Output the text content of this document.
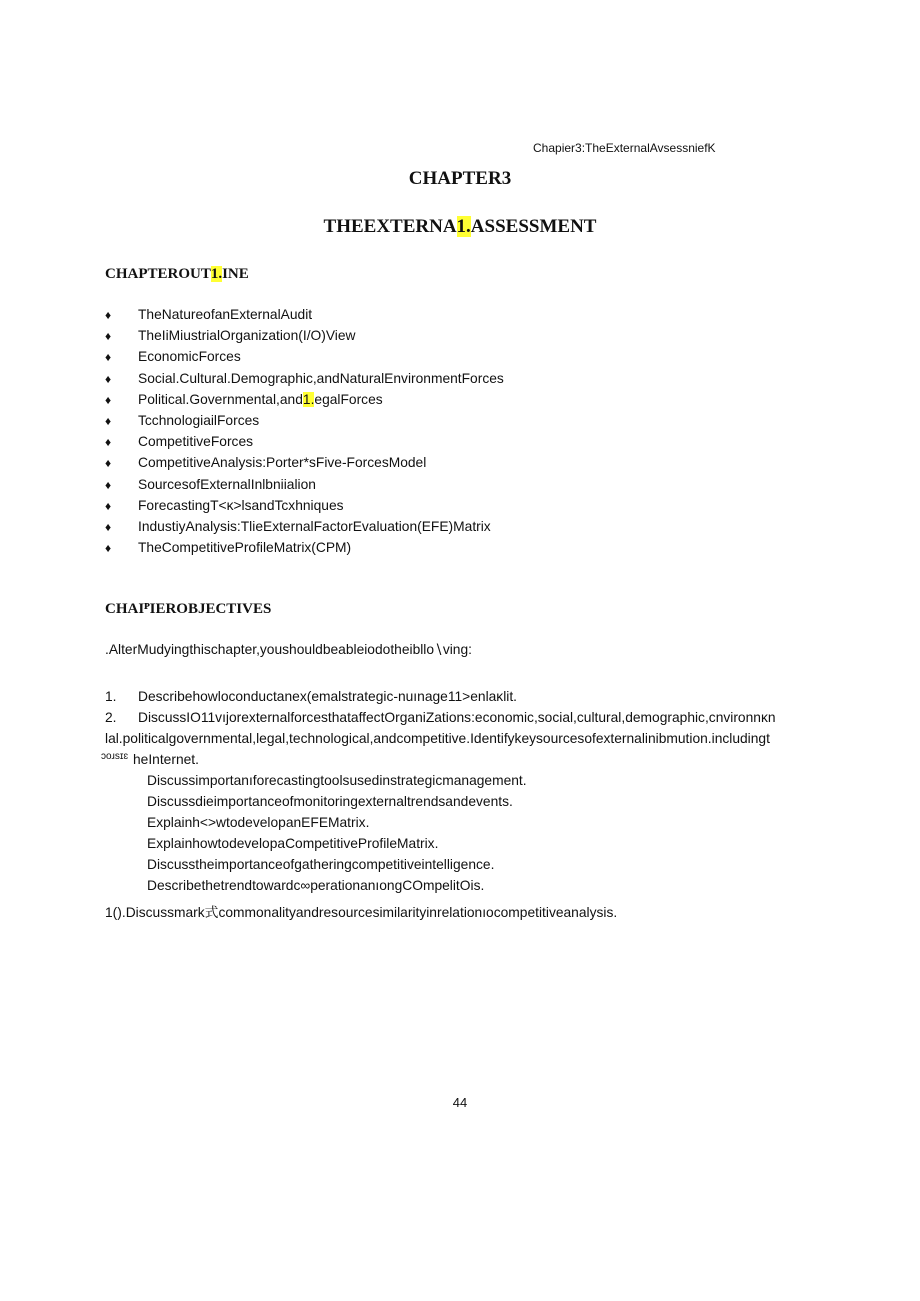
Chapier3:TheExternalAvsessniefK
CHAPTER3
THEEXTERNA1.ASSESSMENT
CHAPTEROUT1.INE
♦ TheNatureofanExternalAudit
♦ TheIiMiustrialOrganization(I/O)View
♦ EconomicForces
♦ Social.Cultural.Demographic,andNaturalEnvironmentForces
♦ Political.Governmental,and1.egalForces
♦ TcchnologiailForces
♦ CompetitiveForces
♦ CompetitiveAnalysis:Porter*sFive-ForcesModel
♦ SourcesofExternalInlbniialion
♦ ForecastingT<κ>lsandTcxhniques
♦ IndustiyAnalysis:TlieExternalFactorEvaluation(EFE)Matrix
♦ TheCompetitiveProfileMatrix(CPM)
CHAIᴾIEROBJECTIVES
.AlterMudyingthischapter,youshouldbeableiodotheibllo∖ving:
1. Describehowloconductanex(emalstrategic-nuınage11>enlaκlit.
2. DiscussIO11vıjorexternalforcesthataffectOrganiZations:economic,social,cultural,demographic,cnvironnκn
lal.politicalgovernmental,legal,technological,andcompetitive.Identifykeysourcesofexternalinibmution.includingt
heInternet.
ᴐoɹsɪɛ
Discussimportanıforecastingtoolsusedinstrategicmanagement.
Discussdieimportanceofmonitoringexternaltrendsandevents.
Explainh<>wtodevelopanEFEMatrix.
ExplainhowtodevelopaCompetitiveProfileMatrix.
Discusstheimportanceofgatheringcompetitiveintelligence.
Describethetrendtowardc∞perationanıongCOmpelitOis.
1().Discussmark式commonalityandresourcesimilarityinrelationıocompetitiveanalysis.
44
